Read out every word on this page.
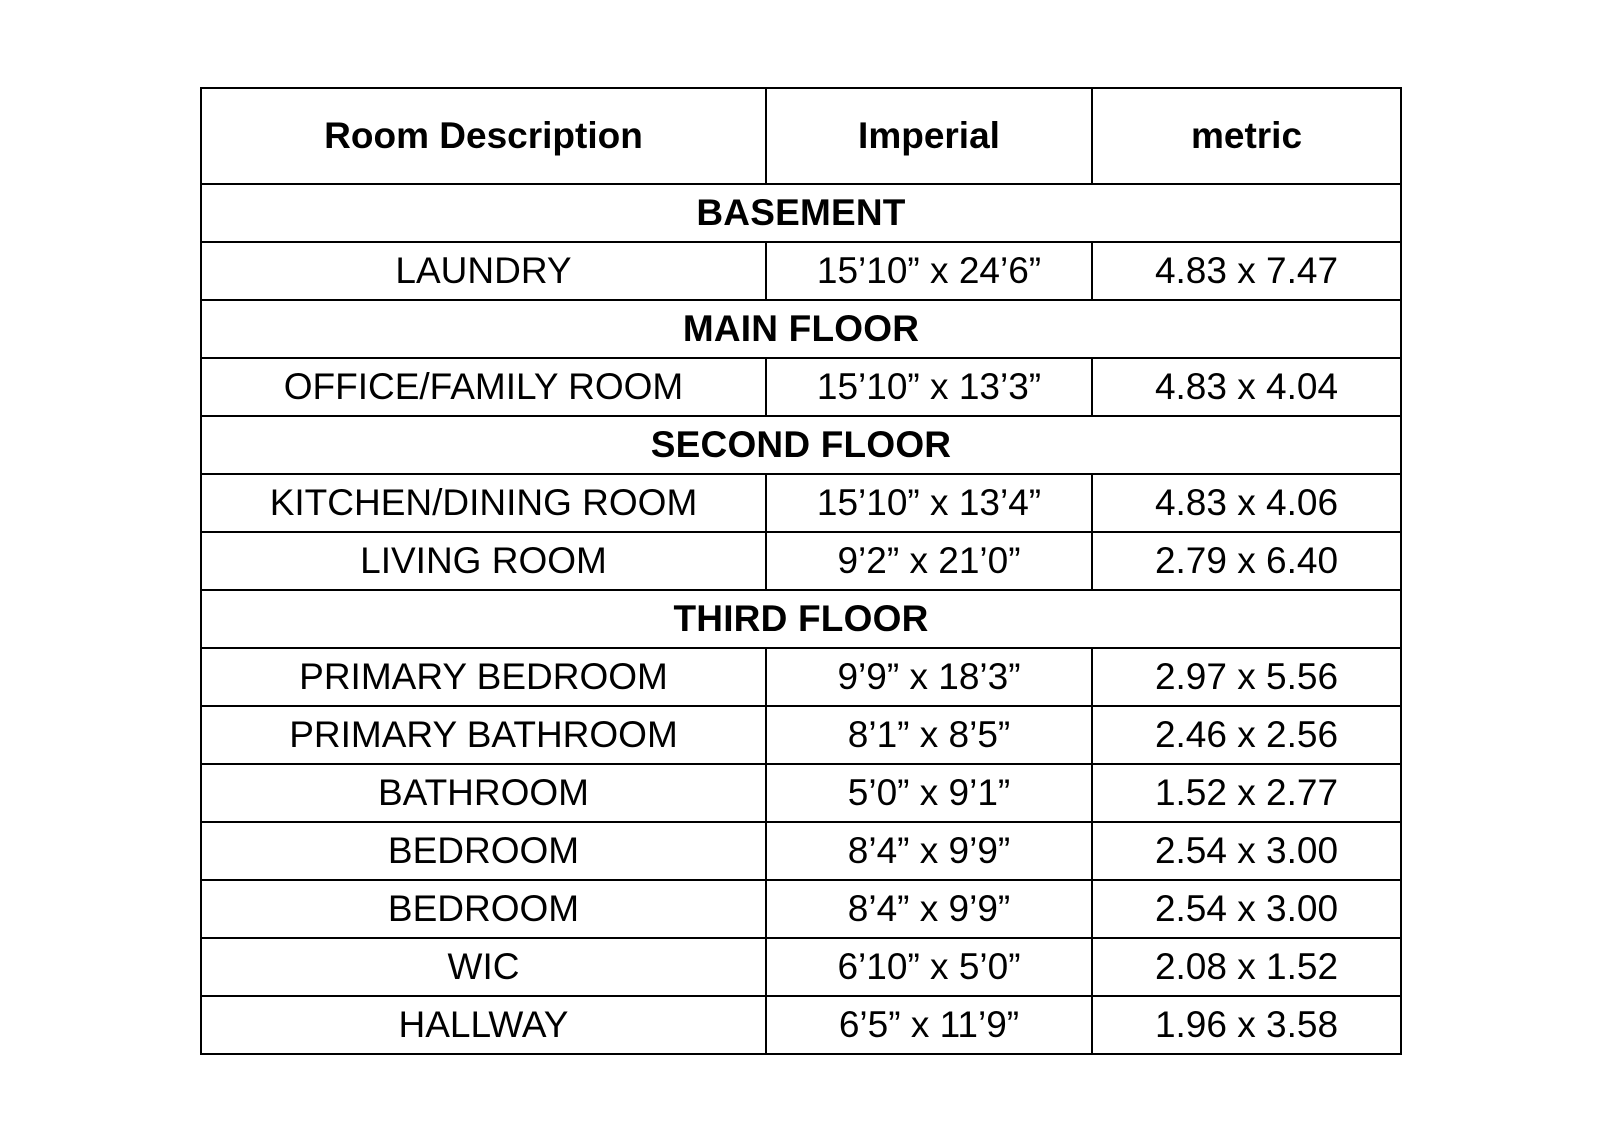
Room Description	Imperial	metric
BASEMENT		
LAUNDRY	15’10” x 24’6”	4.83 x 7.47
MAIN FLOOR		
OFFICE/FAMILY ROOM	15’10” x 13’3”	4.83 x 4.04
SECOND FLOOR		
KITCHEN/DINING ROOM	15’10” x 13’4”	4.83 x 4.06
LIVING ROOM	9’2” x 21’0”	2.79 x 6.40
THIRD FLOOR		
PRIMARY BEDROOM	9’9” x 18’3”	2.97 x 5.56
PRIMARY BATHROOM	8’1” x 8’5”	2.46 x 2.56
BATHROOM	5’0” x 9’1”	1.52 x 2.77
BEDROOM	8’4” x 9’9”	2.54 x 3.00
BEDROOM	8’4” x 9’9”	2.54 x 3.00
WIC	6’10” x 5’0”	2.08 x 1.52
HALLWAY	6’5” x 11’9”	1.96 x 3.58
